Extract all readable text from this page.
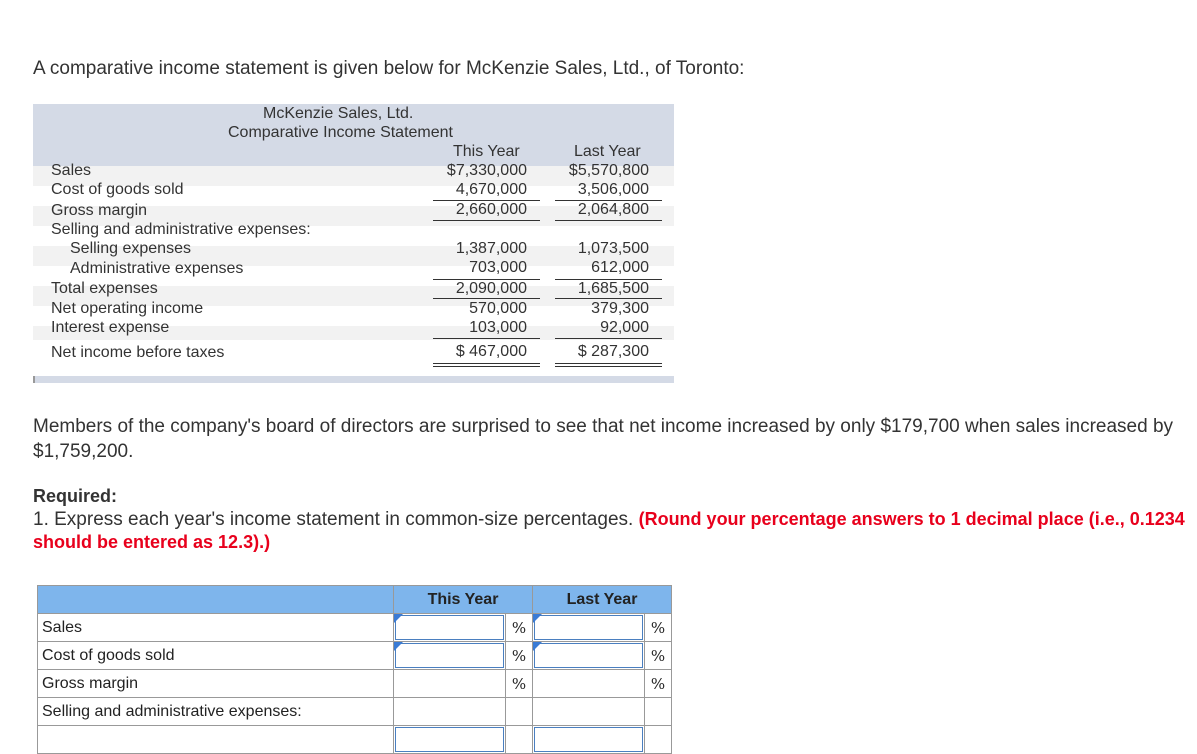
A comparative income statement is given below for McKenzie Sales, Ltd., of Toronto:
McKenzie Sales, Ltd.
Comparative Income Statement
This Year	Last Year
Sales	$7,330,000	$5,570,800
Cost of goods sold	4,670,000	3,506,000
Gross margin	2,660,000	2,064,800
Selling and administrative expenses:
Selling expenses	1,387,000	1,073,500
Administrative expenses	703,000	612,000
Total expenses	2,090,000	1,685,500
Net operating income	570,000	379,300
Interest expense	103,000	92,000
Net income before taxes	$ 467,000	$ 287,300
Members of the company's board of directors are surprised to see that net income increased by only $179,700 when sales increased by $1,759,200.
Required:
1. Express each year's income statement in common-size percentages. (Round your percentage answers to 1 decimal place (i.e., 0.1234 should be entered as 12.3).)
	This Year		Last Year	
Sales		%		%
Cost of goods sold		%		%
Gross margin		%		%
Selling and administrative expenses:				
